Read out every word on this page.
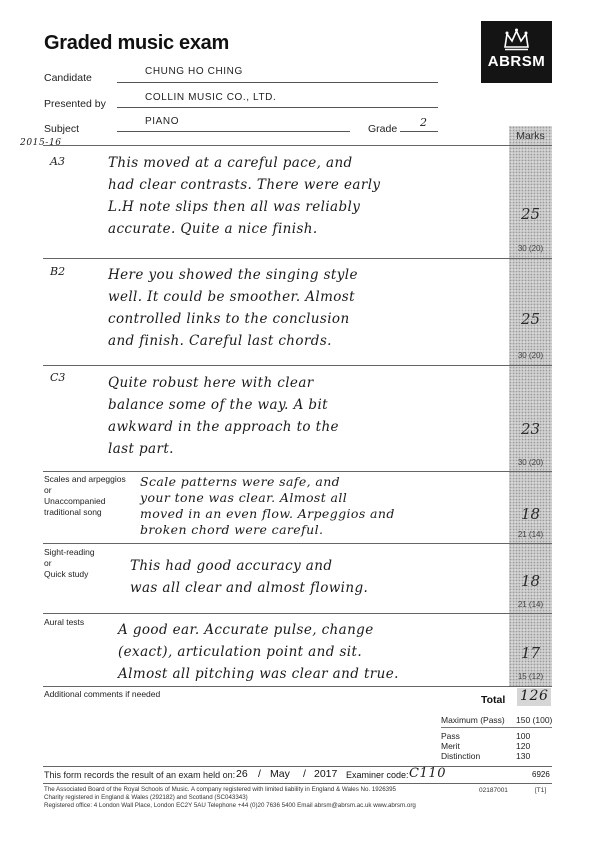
Graded music exam
ABRSM
Candidate
CHUNG HO CHING
Presented by
COLLIN MUSIC CO., LTD.
Subject
PIANO
Grade 2
2015-16
Marks
A3	This moved at a careful pace, and
had clear contrasts. There were early
L.H note slips then all was reliably
accurate. Quite a nice finish.
25
30 (20)
B2	Here you showed the singing style
well. It could be smoother. Almost
controlled links to the conclusion
and finish. Careful last chords.
25
30 (20)
C3	Quite robust here with clear
balance some of the way. A bit
awkward in the approach to the
last part.
23
30 (20)
Scales and arpeggios
or
Unaccompanied
traditional song
Scale patterns were safe, and
your tone was clear. Almost all
moved in an even flow. Arpeggios and
broken chord were careful.
18
21 (14)
Sight-reading
or
Quick study	This had good accuracy and
was all clear and almost flowing.	18
21 (14)
Aural tests	A good ear. Accurate pulse, change
(exact), articulation point and sit.
Almost all pitching was clear and true.
17
15 (12)
Additional comments if needed	Total 126
Maximum (Pass) 150 (100)
Pass	100
Merit	120
Distinction	130
This form records the result of an exam held on: 26 / May / 2017 Examiner code: C110	6926
The Associated Board of the Royal Schools of Music. A company registered with limited liability in England & Wales No. 1926395
Charity registered in England & Wales (292182) and Scotland (SC043343)
Registered office: 4 London Wall Place, London EC2Y 5AU Telephone +44 (0)20 7636 5400 Email abrsm@abrsm.ac.uk www.abrsm.org
02187001	[T1]
